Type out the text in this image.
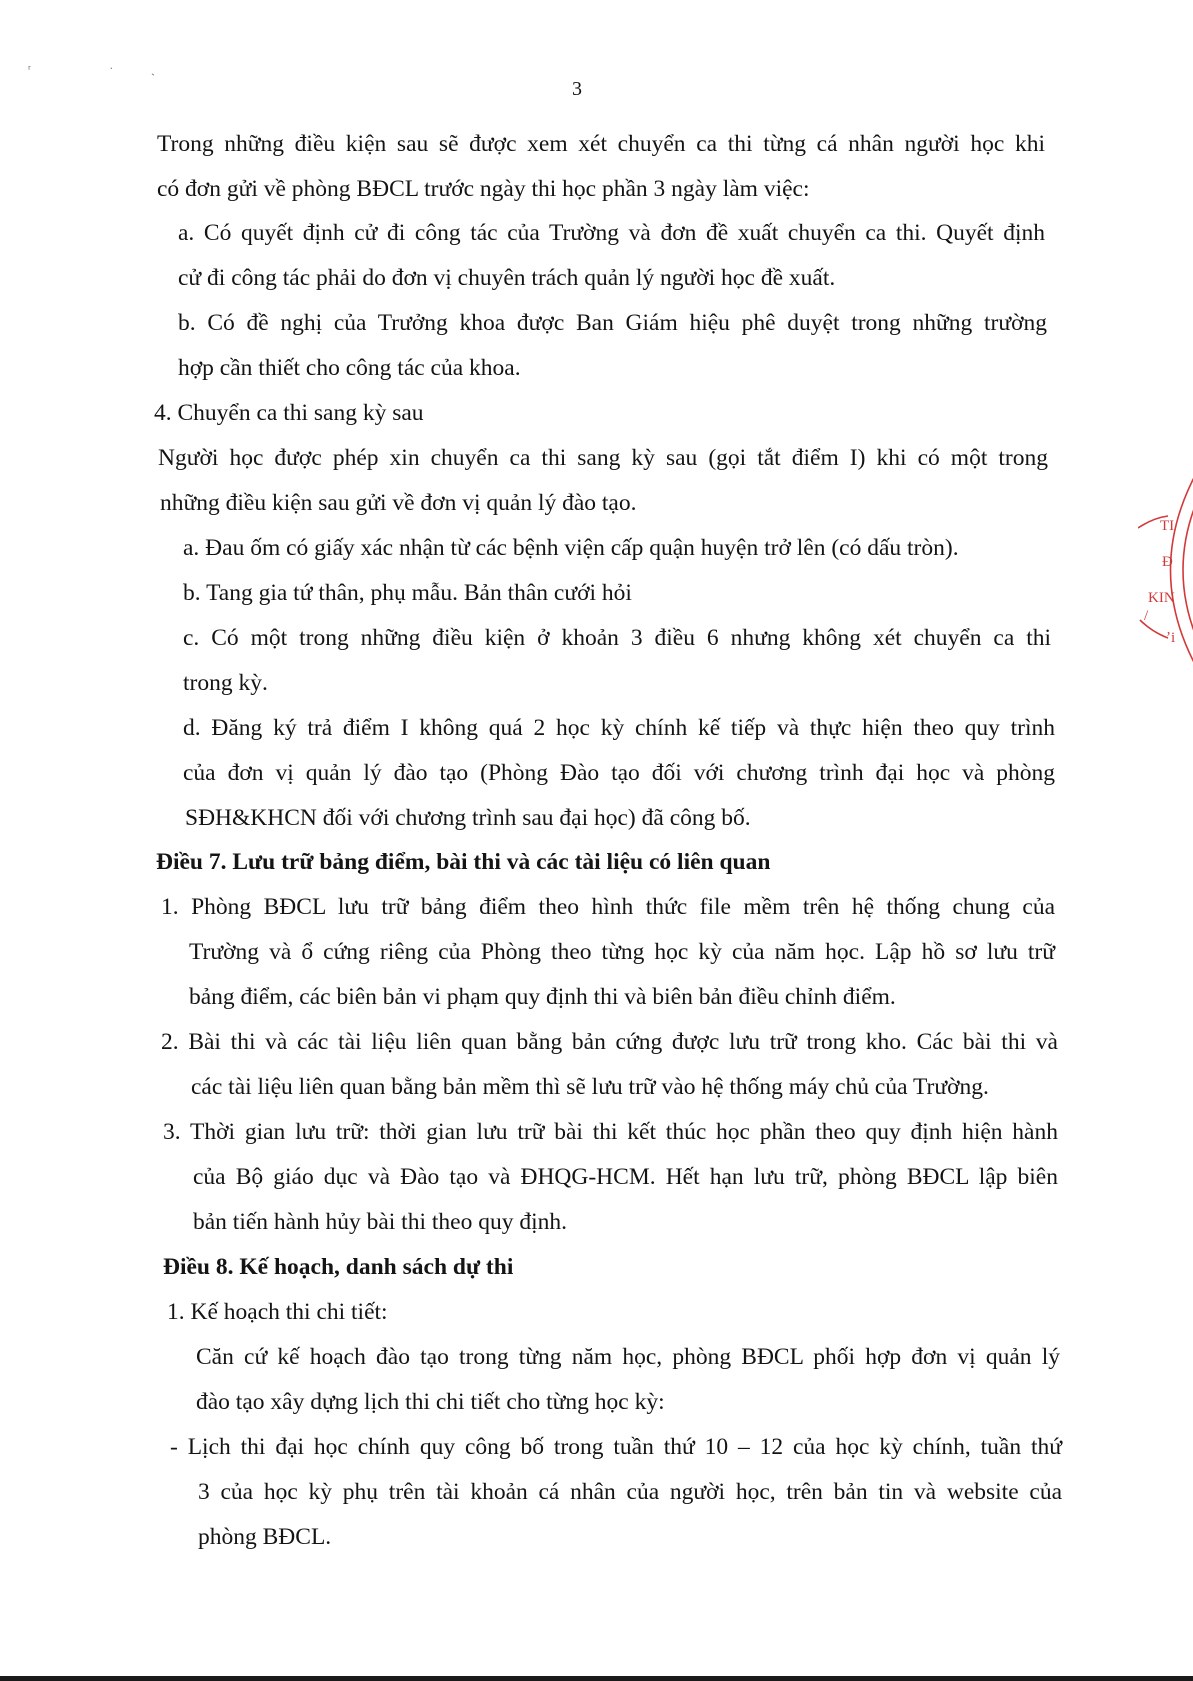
ʳ ˑˎ
3
Trong những điều kiện sau sẽ được xem xét chuyển ca thi từng cá nhân người học khi
có đơn gửi về phòng BĐCL trước ngày thi học phần 3 ngày làm việc:
a. Có quyết định cử đi công tác của Trường và đơn đề xuất chuyển ca thi. Quyết định
cử đi công tác phải do đơn vị chuyên trách quản lý người học đề xuất.
b. Có đề nghị của Trưởng khoa được Ban Giám hiệu phê duyệt trong những trường
hợp cần thiết cho công tác của khoa.
4. Chuyển ca thi sang kỳ sau
Người học được phép xin chuyển ca thi sang kỳ sau (gọi tắt điểm I) khi có một trong
những điều kiện sau gửi về đơn vị quản lý đào tạo.
a. Đau ốm có giấy xác nhận từ các bệnh viện cấp quận huyện trở lên (có dấu tròn).
b. Tang gia tứ thân, phụ mẫu. Bản thân cưới hỏi
c. Có một trong những điều kiện ở khoản 3 điều 6 nhưng không xét chuyển ca thi
trong kỳ.
d. Đăng ký trả điểm I không quá 2 học kỳ chính kế tiếp và thực hiện theo quy trình
của đơn vị quản lý đào tạo (Phòng Đào tạo đối với chương trình đại học và phòng
SĐH&KHCN đối với chương trình sau đại học) đã công bố.
Điều 7. Lưu trữ bảng điểm, bài thi và các tài liệu có liên quan
1. Phòng BĐCL lưu trữ bảng điểm theo hình thức file mềm trên hệ thống chung của
Trường và ổ cứng riêng của Phòng theo từng học kỳ của năm học. Lập hồ sơ lưu trữ
bảng điểm, các biên bản vi phạm quy định thi và biên bản điều chỉnh điểm.
2. Bài thi và các tài liệu liên quan bằng bản cứng được lưu trữ trong kho. Các bài thi và
các tài liệu liên quan bằng bản mềm thì sẽ lưu trữ vào hệ thống máy chủ của Trường.
3. Thời gian lưu trữ: thời gian lưu trữ bài thi kết thúc học phần theo quy định hiện hành
của Bộ giáo dục và Đào tạo và ĐHQG-HCM. Hết hạn lưu trữ, phòng BĐCL lập biên
bản tiến hành hủy bài thi theo quy định.
Điều 8. Kế hoạch, danh sách dự thi
1. Kế hoạch thi chi tiết:
Căn cứ kế hoạch đào tạo trong từng năm học, phòng BĐCL phối hợp đơn vị quản lý
đào tạo xây dựng lịch thi chi tiết cho từng học kỳ:
- Lịch thi đại học chính quy công bố trong tuần thứ 10 – 12 của học kỳ chính, tuần thứ
3 của học kỳ phụ trên tài khoản cá nhân của người học, trên bản tin và website của
phòng BĐCL.
TI
Đ
KIN
/
ʼi
